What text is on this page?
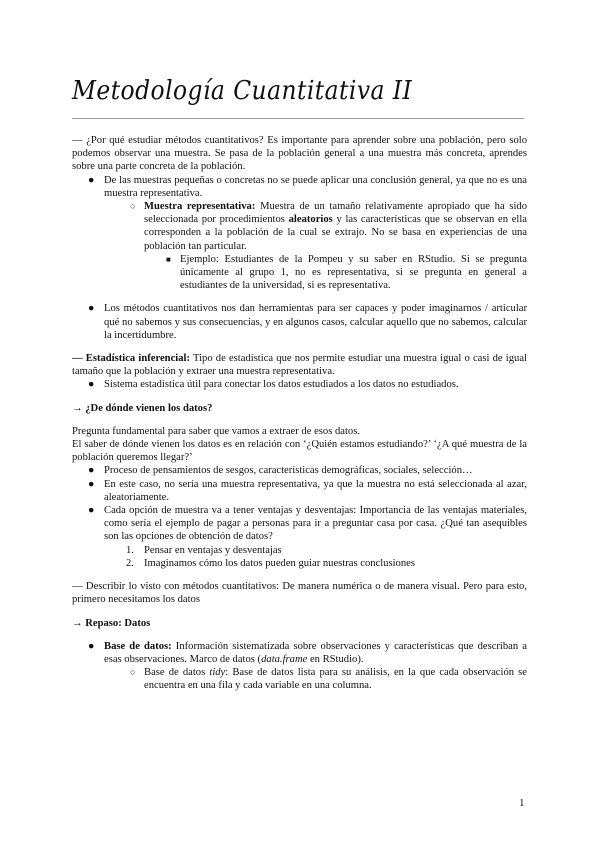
Metodología Cuantitativa II

— ¿Por qué estudiar métodos cuantitativos? Es importante para aprender sobre una población, pero solo podemos observar una muestra. Se pasa de la población general a una muestra más concreta, aprendes sobre una parte concreta de la población.

● De las muestras pequeñas o concretas no se puede aplicar una conclusión general, ya que no es una muestra representativa.
○ Muestra representativa: Muestra de un tamaño relativamente apropiado que ha sido seleccionada por procedimientos aleatorios y las características que se observan en ella corresponden a la población de la cual se extrajo. No se basa en experiencias de una población tan particular.
■ Ejemplo: Estudiantes de la Pompeu y su saber en RStudio. Si se pregunta únicamente al grupo 1, no es representativa, si se pregunta en general a estudiantes de la universidad, si es representativa.
● Los métodos cuantitativos nos dan herramientas para ser capaces y poder imaginarnos / articular qué no sabemos y sus consecuencias, y en algunos casos, calcular aquello que no sabemos, calcular la incertidumbre.

— Estadística inferencial: Tipo de estadística que nos permite estudiar una muestra igual o casi de igual tamaño que la población y extraer una muestra representativa.

● Sistema estadística útil para conectar los datos estudiados a los datos no estudiados.

→ ¿De dónde vienen los datos?

Pregunta fundamental para saber que vamos a extraer de esos datos.

El saber de dónde vienen los datos es en relación con ‘¿Quién estamos estudiando?’ ‘¿A qué muestra de la población queremos llegar?’

● Proceso de pensamientos de sesgos, características demográficas, sociales, selección…
● En este caso, no sería una muestra representativa, ya que la muestra no está seleccionada al azar, aleatoriamente.
● Cada opción de muestra va a tener ventajas y desventajas: Importancia de las ventajas materiales, como sería el ejemplo de pagar a personas para ir a preguntar casa por casa. ¿Qué tan asequibles son las opciones de obtención de datos?
1. Pensar en ventajas y desventajas
2. Imaginamos cómo los datos pueden guiar nuestras conclusiones

— Describir lo visto con métodos cuantitativos: De manera numérica o de manera visual. Pero para esto, primero necesitamos los datos

→ Repaso: Datos

● Base de datos: Información sistematizada sobre observaciones y características que describan a esas observaciones. Marco de datos (data.frame en RStudio).
○ Base de datos tidy: Base de datos lista para su análisis, en la que cada observación se encuentra en una fila y cada variable en una columna.
1
